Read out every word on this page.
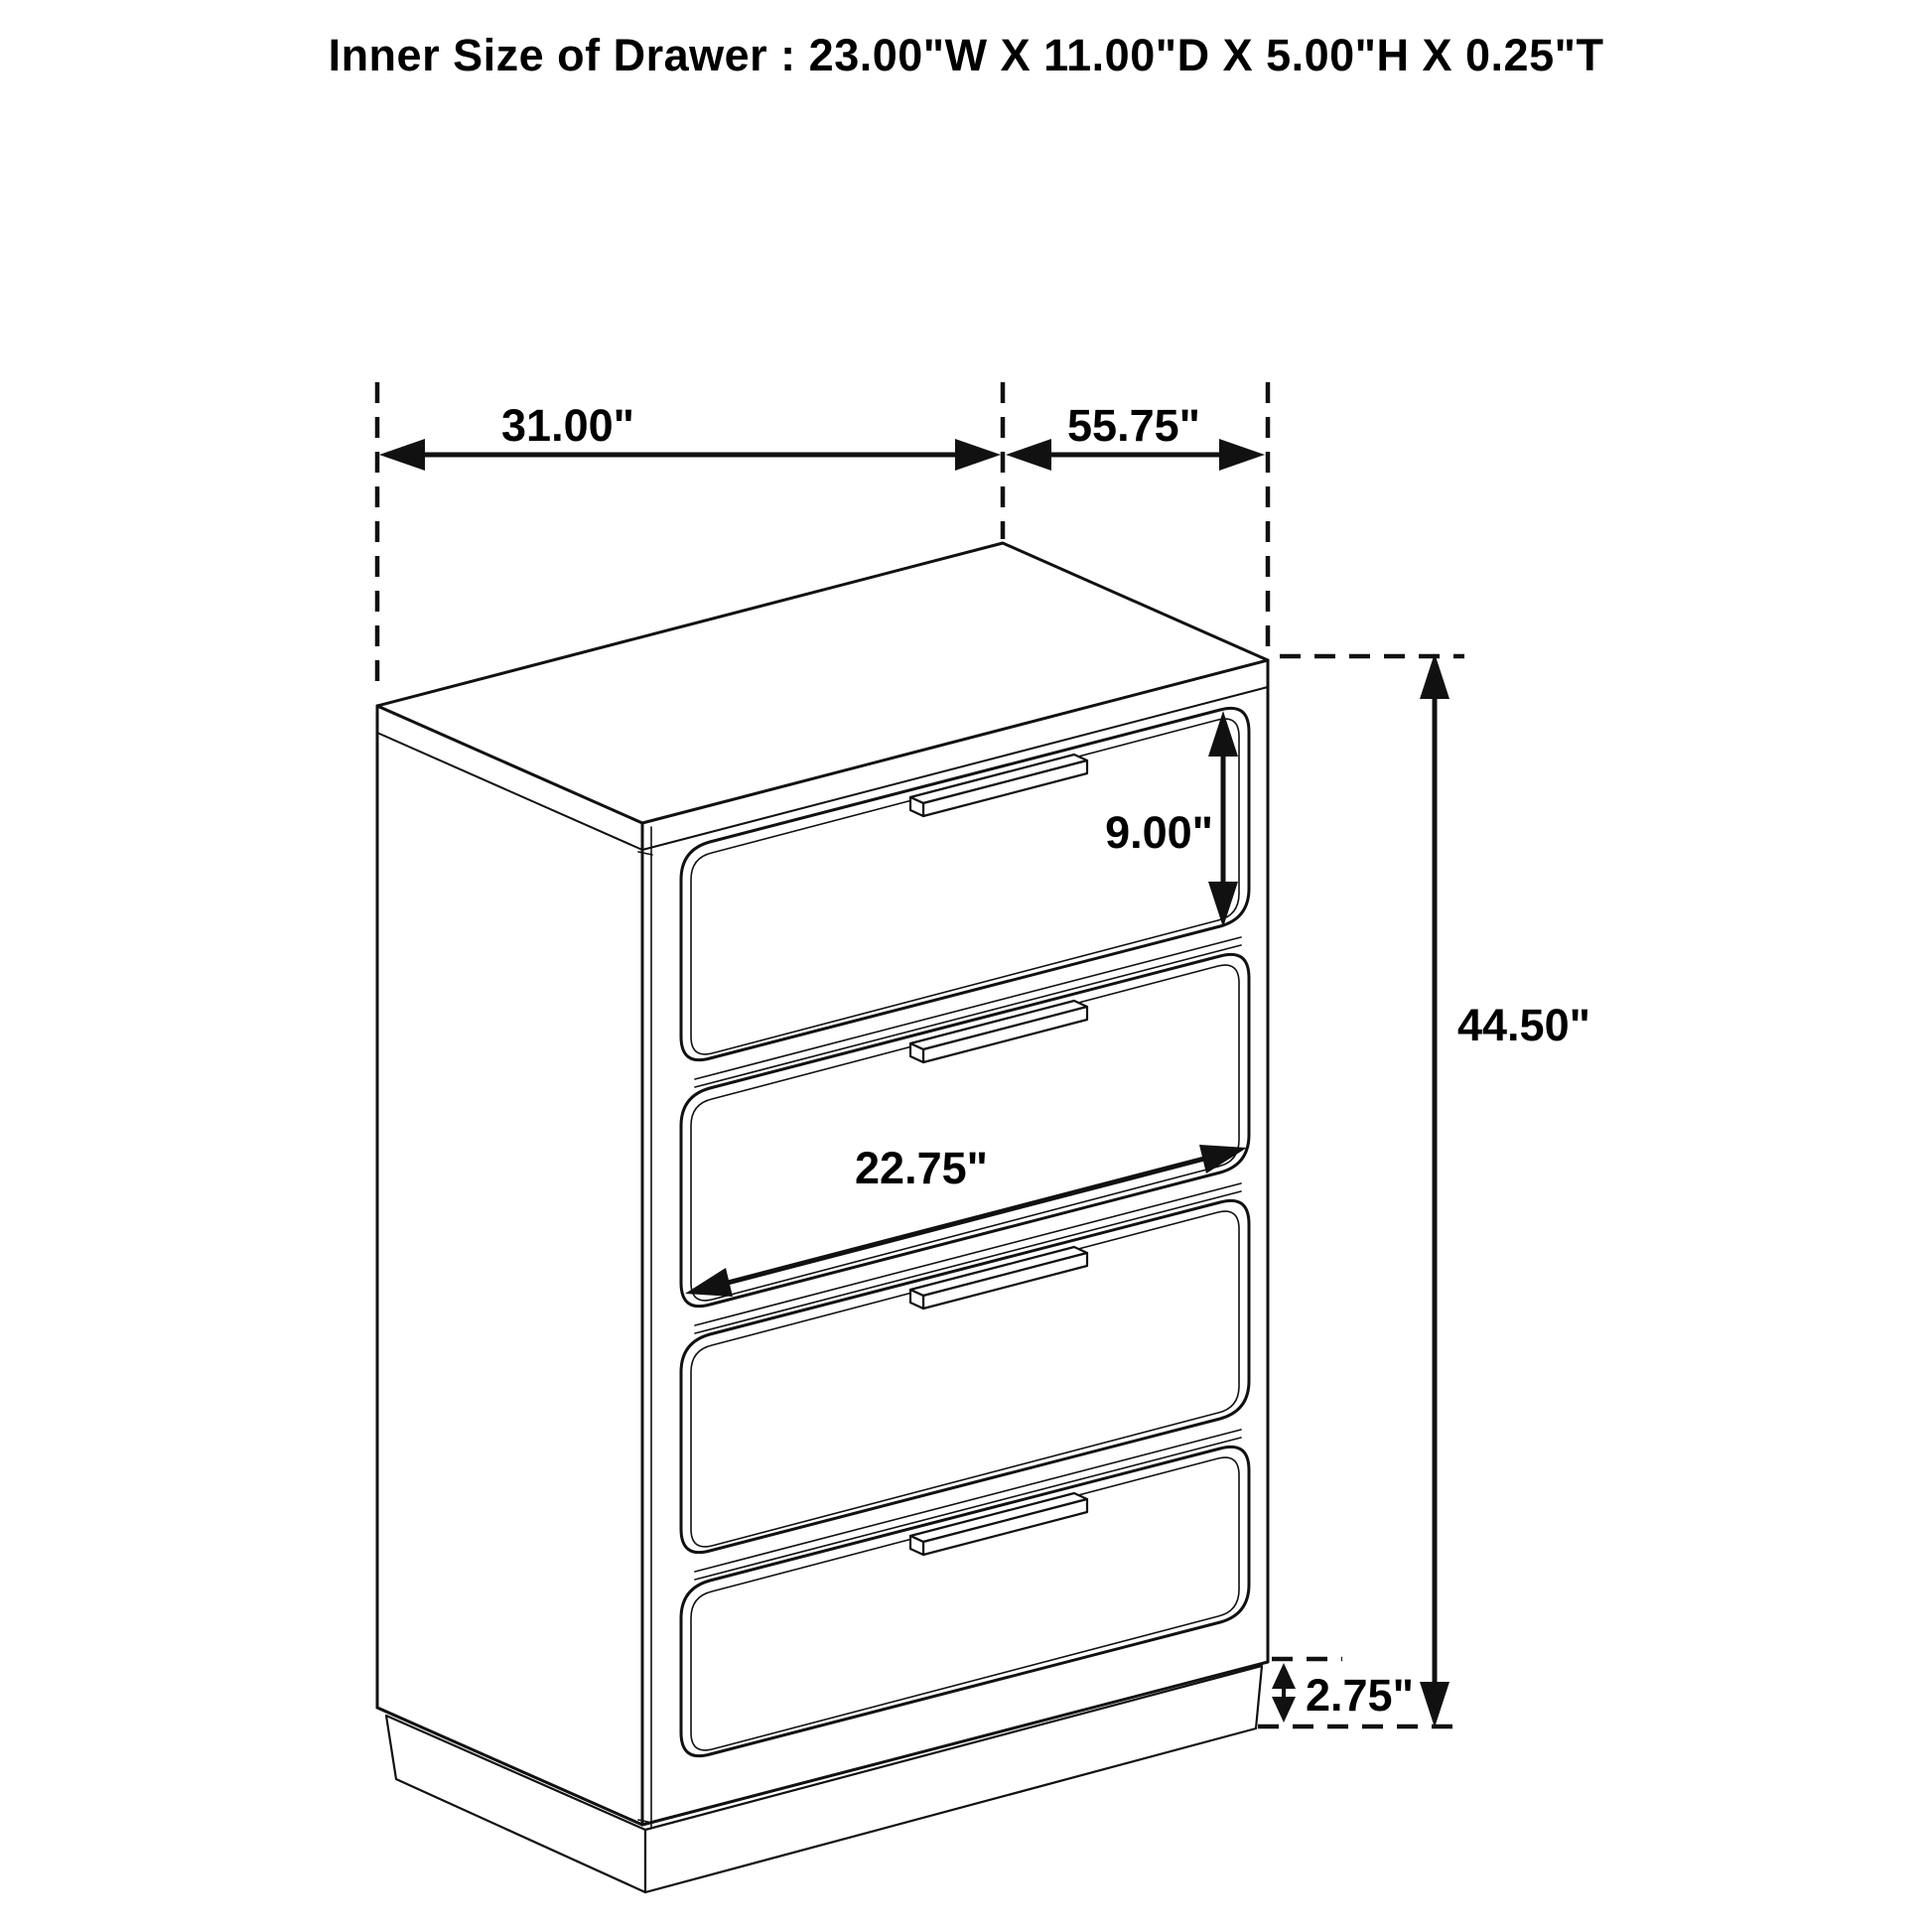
31.00"	55.75"
9.00"
44.50"
2.75"
22.75"
Inner Size of Drawer : 23.00"W X 11.00"D X 5.00"H X 0.25"T
